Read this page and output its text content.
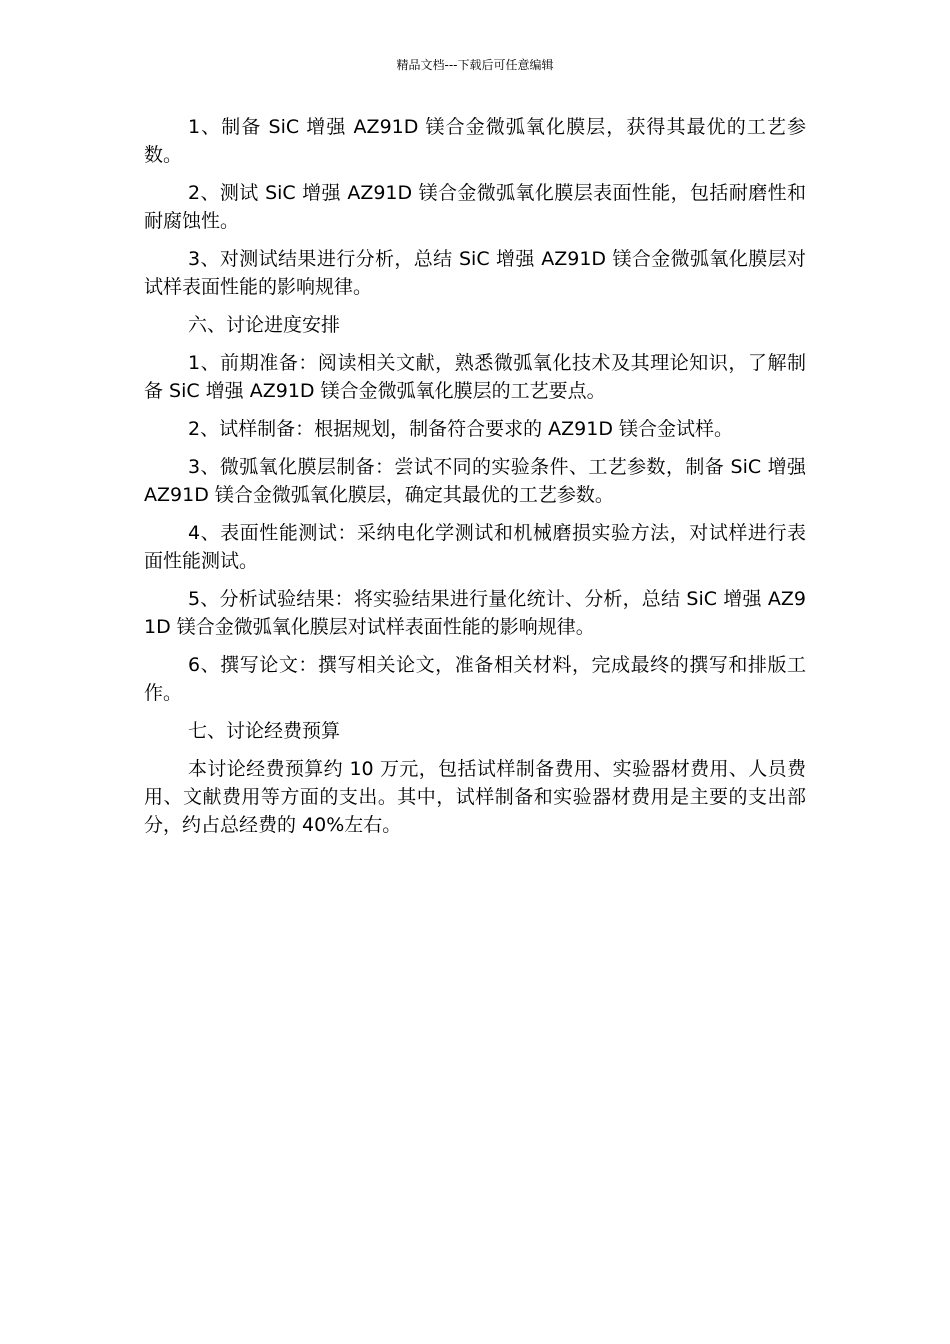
精品文档---下载后可任意编辑

1、制备 SiC 增强 AZ91D 镁合金微弧氧化膜层，获得其最优的工艺参数。

2、测试 SiC 增强 AZ91D 镁合金微弧氧化膜层表面性能，包括耐磨性和耐腐蚀性。

3、对测试结果进行分析，总结 SiC 增强 AZ91D 镁合金微弧氧化膜层对试样表面性能的影响规律。

六、讨论进度安排

1、前期准备：阅读相关文献，熟悉微弧氧化技术及其理论知识，了解制备 SiC 增强 AZ91D 镁合金微弧氧化膜层的工艺要点。

2、试样制备：根据规划，制备符合要求的 AZ91D 镁合金试样。

3、微弧氧化膜层制备：尝试不同的实验条件、工艺参数，制备 SiC 增强 AZ91D 镁合金微弧氧化膜层，确定其最优的工艺参数。

4、表面性能测试：采纳电化学测试和机械磨损实验方法，对试样进行表面性能测试。

5、分析试验结果：将实验结果进行量化统计、分析，总结 SiC 增强 AZ91D 镁合金微弧氧化膜层对试样表面性能的影响规律。

6、撰写论文：撰写相关论文，准备相关材料，完成最终的撰写和排版工作。

七、讨论经费预算

本讨论经费预算约 10 万元，包括试样制备费用、实验器材费用、人员费用、文献费用等方面的支出。其中，试样制备和实验器材费用是主要的支出部分，约占总经费的 40%左右。
